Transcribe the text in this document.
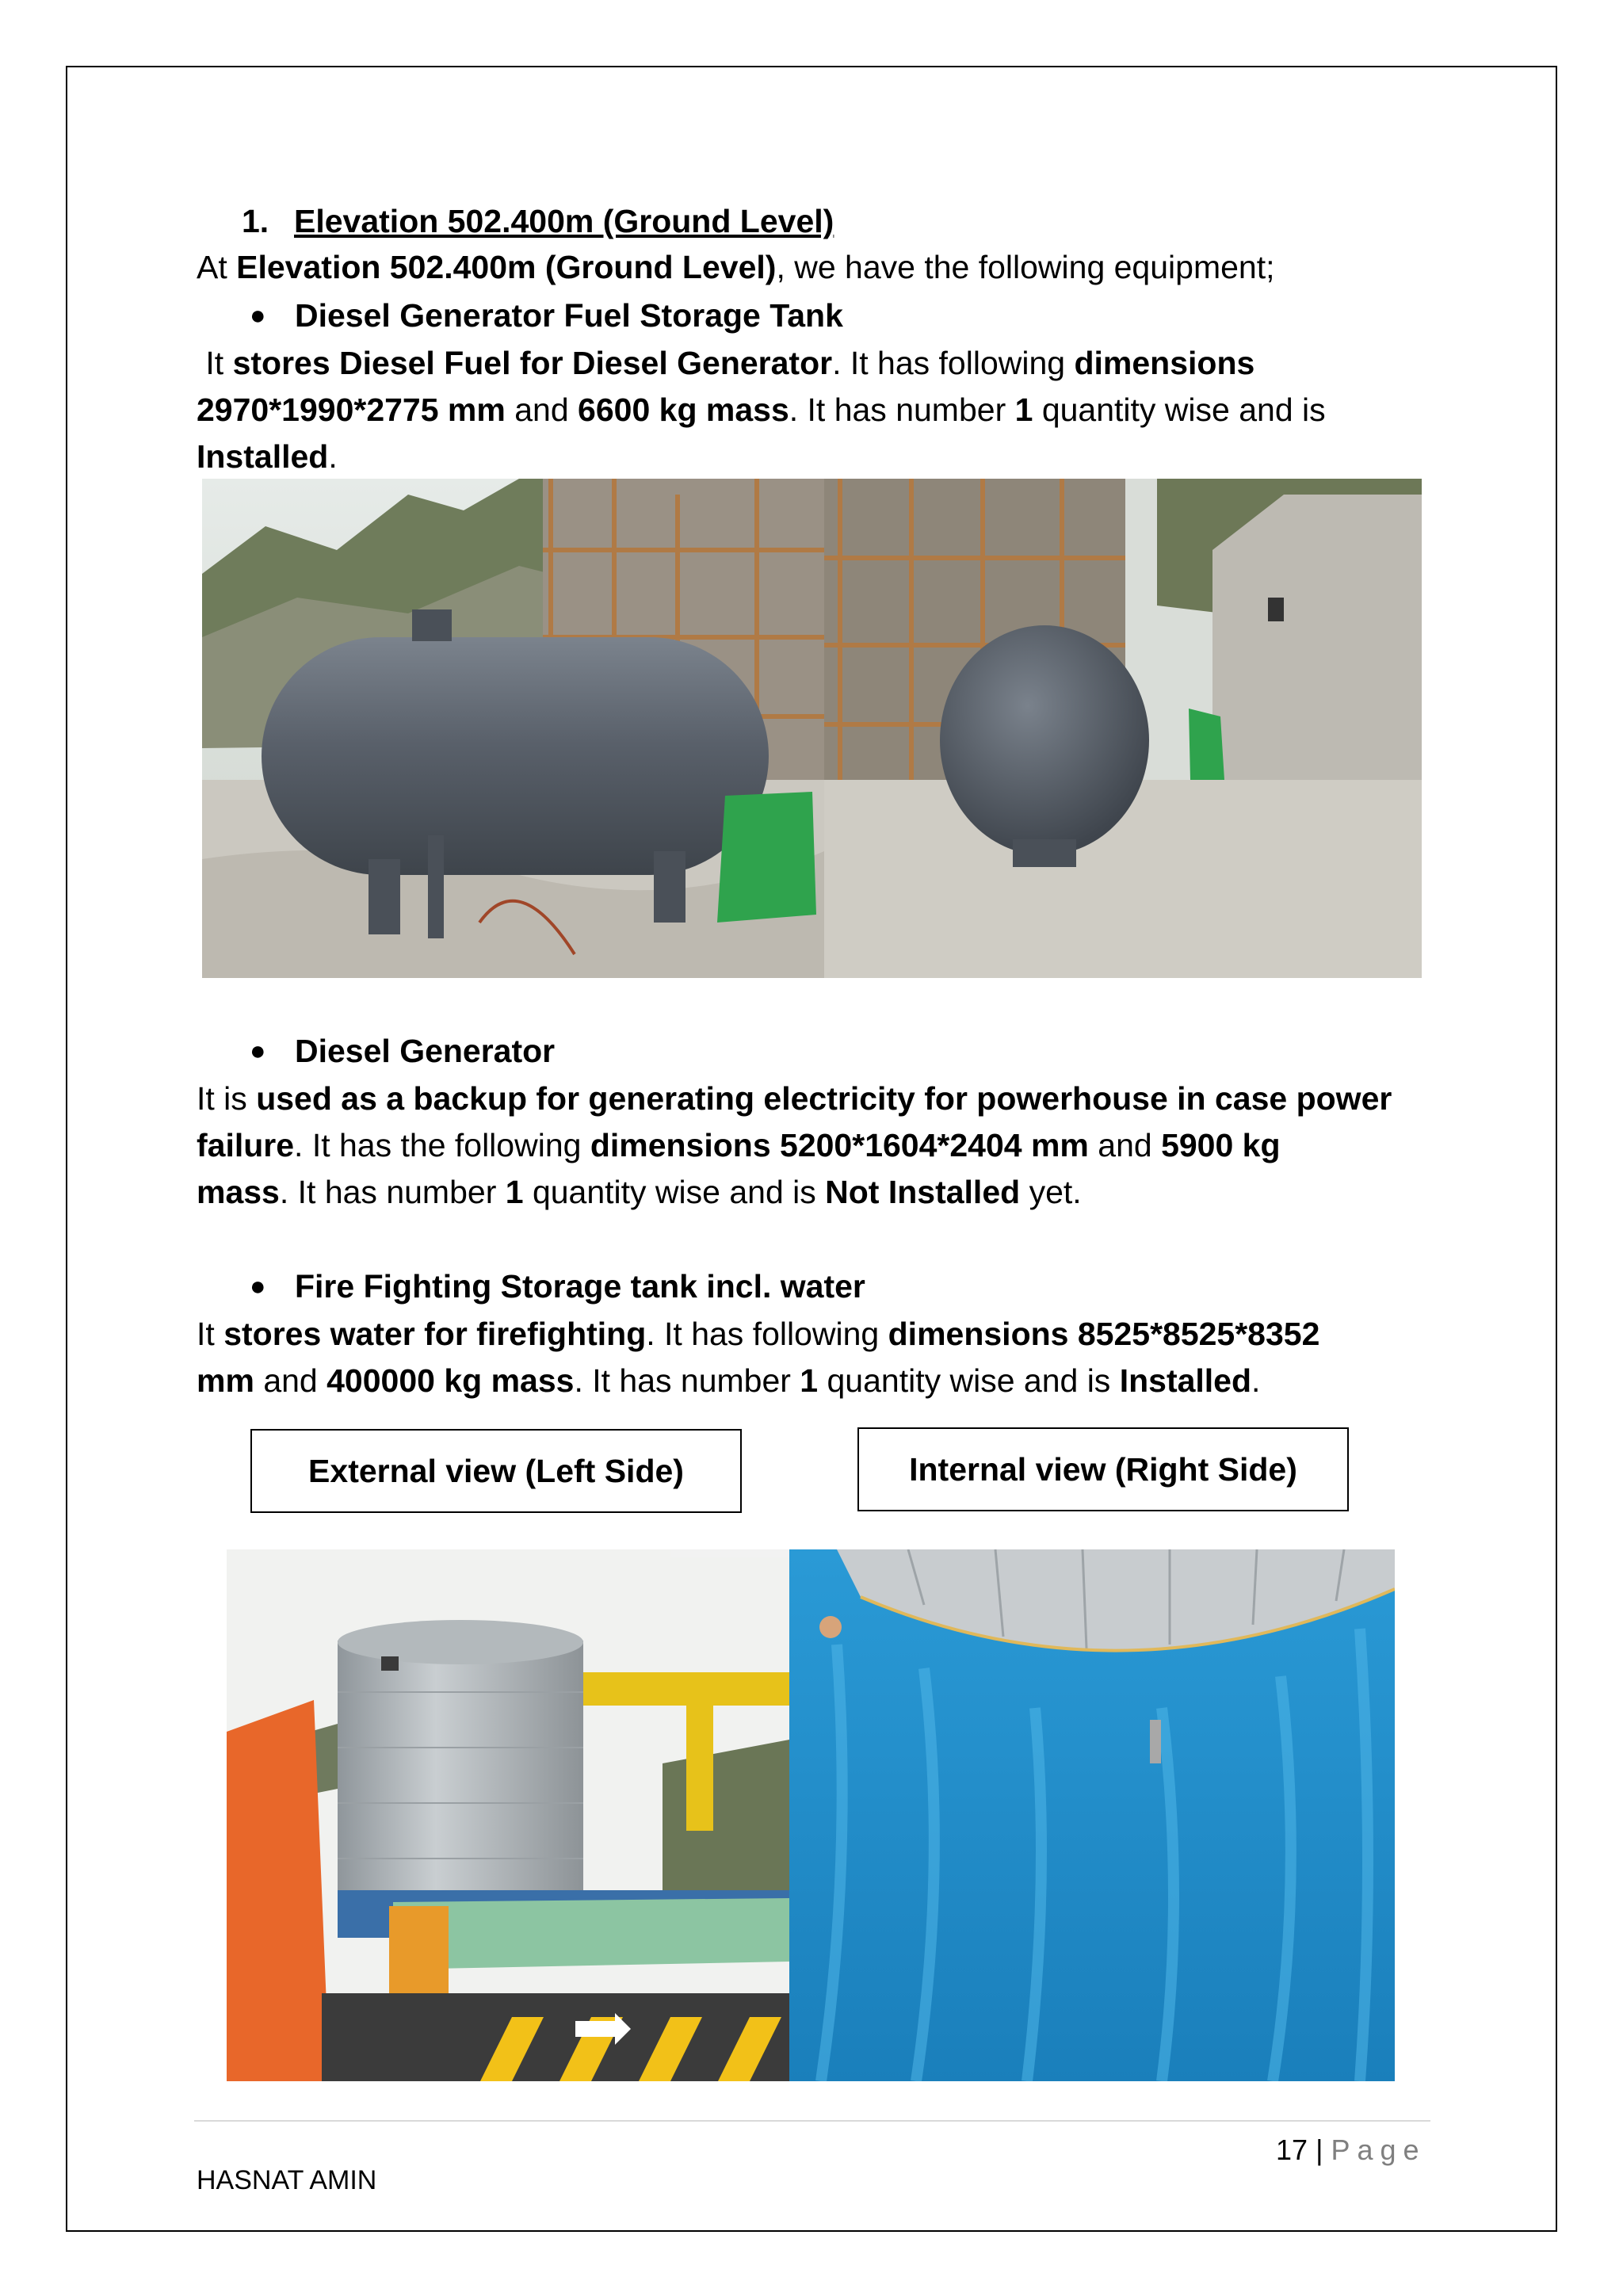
1. Elevation 502.400m (Ground Level)
At Elevation 502.400m (Ground Level), we have the following equipment;
● Diesel Generator Fuel Storage Tank
It stores Diesel Fuel for Diesel Generator. It has following dimensions
2970*1990*2775 mm and 6600 kg mass. It has number 1 quantity wise and is
Installed.
● Diesel Generator
It is used as a backup for generating electricity for powerhouse in case power
failure. It has the following dimensions 5200*1604*2404 mm and 5900 kg
mass. It has number 1 quantity wise and is Not Installed yet.
● Fire Fighting Storage tank incl. water
It stores water for firefighting. It has following dimensions 8525*8525*8352
mm and 400000 kg mass. It has number 1 quantity wise and is Installed.
External view (Left Side)	Internal view (Right Side)
17 | Page
HASNAT AMIN
